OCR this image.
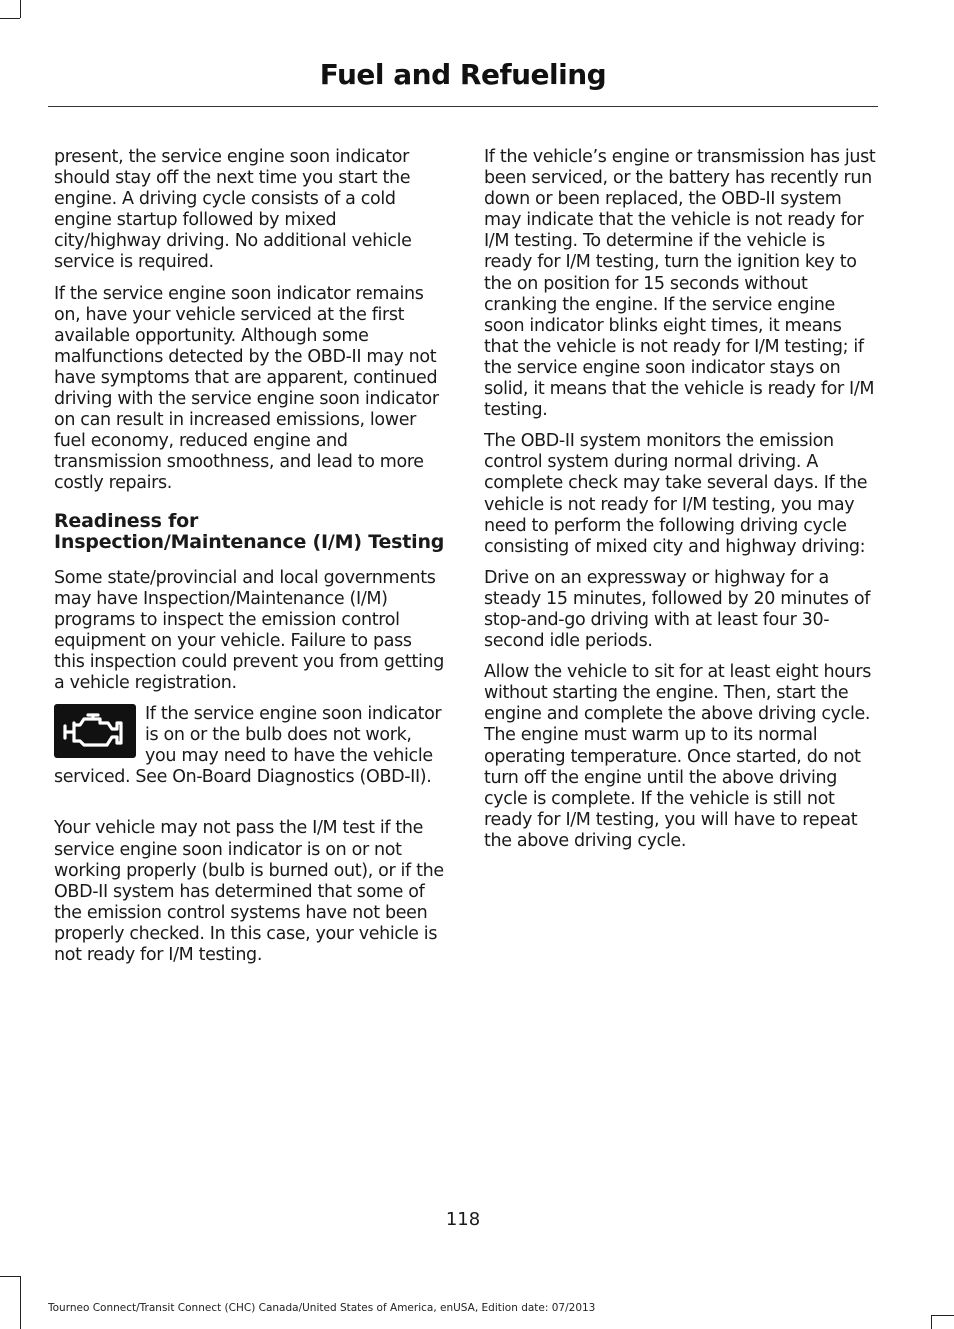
Fuel and Refueling

present, the service engine soon indicator should stay off the next time you start the engine. A driving cycle consists of a cold engine startup followed by mixed city/highway driving. No additional vehicle service is required.

If the service engine soon indicator remains on, have your vehicle serviced at the first available opportunity. Although some malfunctions detected by the OBD-II may not have symptoms that are apparent, continued driving with the service engine soon indicator on can result in increased emissions, lower fuel economy, reduced engine and transmission smoothness, and lead to more costly repairs.

Readiness for Inspection/Maintenance (I/M) Testing

Some state/provincial and local governments may have Inspection/Maintenance (I/M) programs to inspect the emission control equipment on your vehicle. Failure to pass this inspection could prevent you from getting a vehicle registration.

If the service engine soon indicator is on or the bulb does not work, you may need to have the vehicle serviced. See On-Board Diagnostics (OBD-II).

Your vehicle may not pass the I/M test if the service engine soon indicator is on or not working properly (bulb is burned out), or if the OBD-II system has determined that some of the emission control systems have not been properly checked. In this case, your vehicle is not ready for I/M testing.

If the vehicle’s engine or transmission has just been serviced, or the battery has recently run down or been replaced, the OBD-II system may indicate that the vehicle is not ready for I/M testing. To determine if the vehicle is ready for I/M testing, turn the ignition key to the on position for 15 seconds without cranking the engine. If the service engine soon indicator blinks eight times, it means that the vehicle is not ready for I/M testing; if the service engine soon indicator stays on solid, it means that the vehicle is ready for I/M testing.

The OBD-II system monitors the emission control system during normal driving. A complete check may take several days. If the vehicle is not ready for I/M testing, you may need to perform the following driving cycle consisting of mixed city and highway driving:

Drive on an expressway or highway for a steady 15 minutes, followed by 20 minutes of stop-and-go driving with at least four 30-second idle periods.

Allow the vehicle to sit for at least eight hours without starting the engine. Then, start the engine and complete the above driving cycle. The engine must warm up to its normal operating temperature. Once started, do not turn off the engine until the above driving cycle is complete. If the vehicle is still not ready for I/M testing, you will have to repeat the above driving cycle.

118
Tourneo Connect/Transit Connect (CHC) Canada/United States of America, enUSA, Edition date: 07/2013
